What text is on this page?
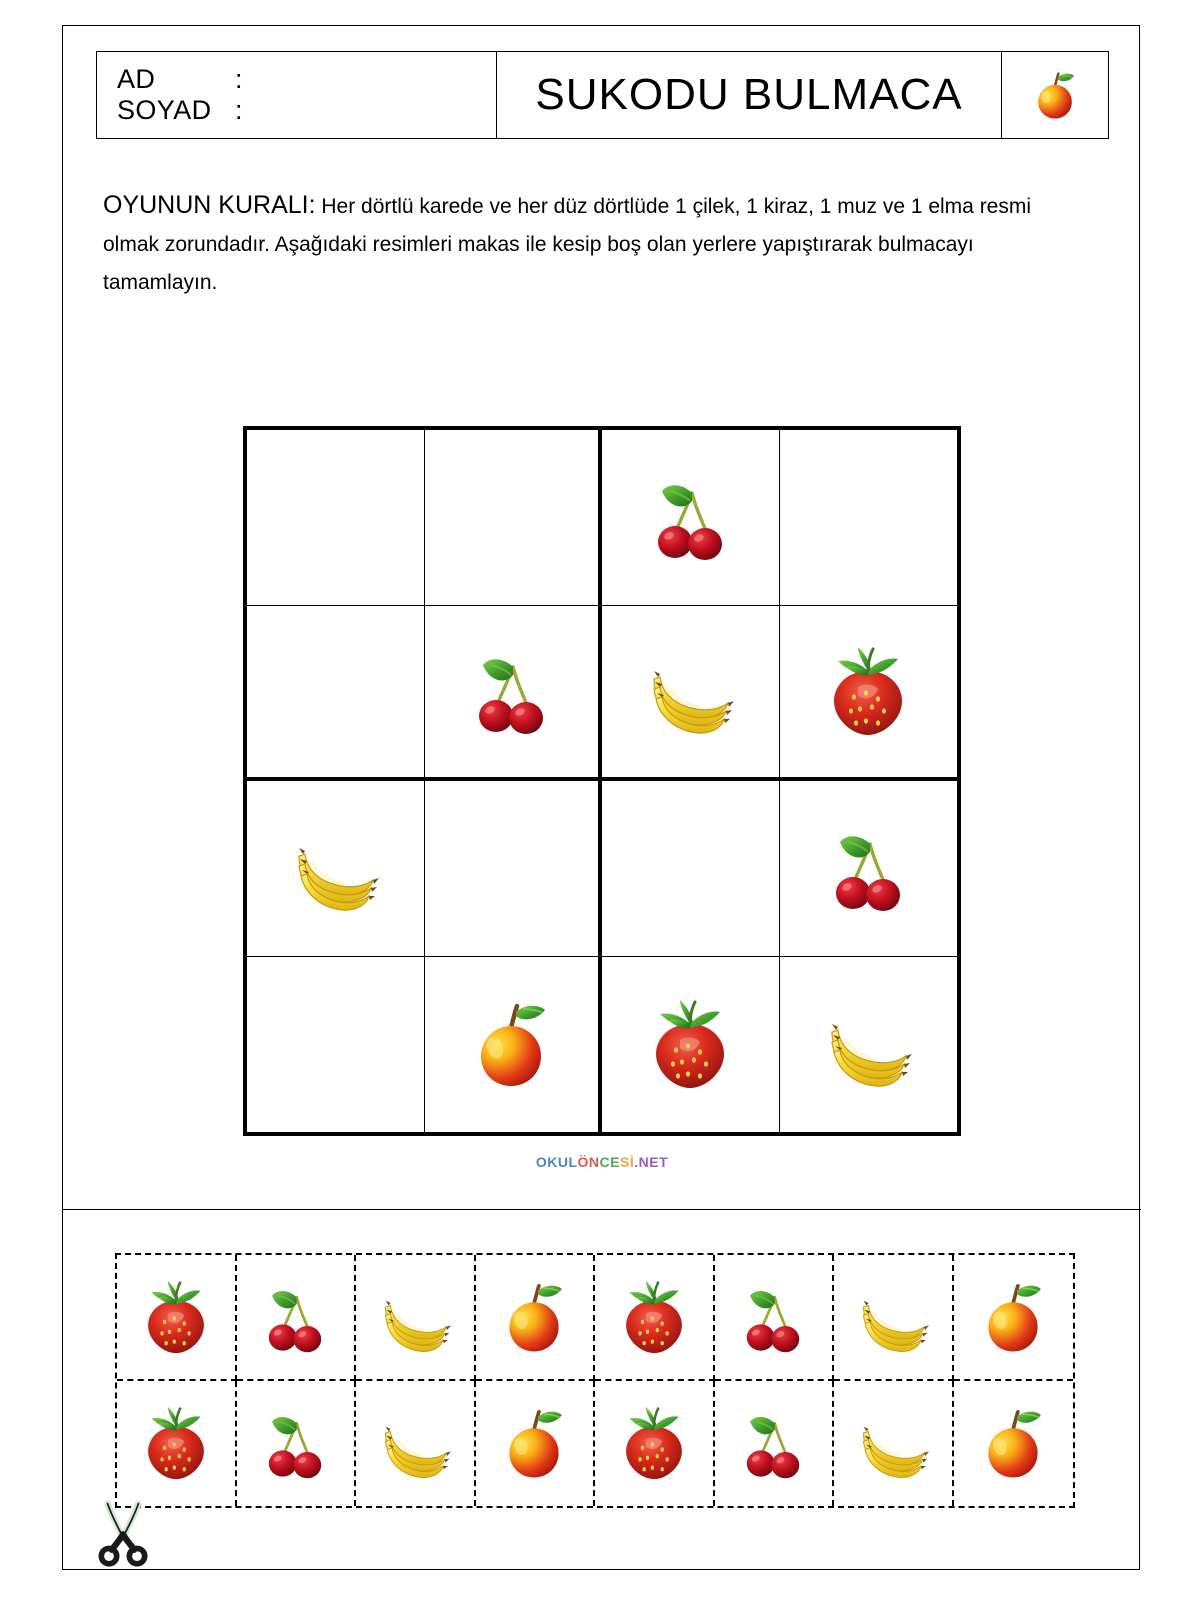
AD	:
SOYAD :	SUKODU BULMACA
OYUNUN KURALI: Her dörtlü karede ve her düz dörtlüde 1 çilek, 1 kiraz, 1 muz ve 1 elma resmi olmak zorundadır. Aşağıdaki resimleri makas ile kesip boş olan yerlere yapıştırarak bulmacayı tamamlayın.
OKULÖNCESİ.NET
